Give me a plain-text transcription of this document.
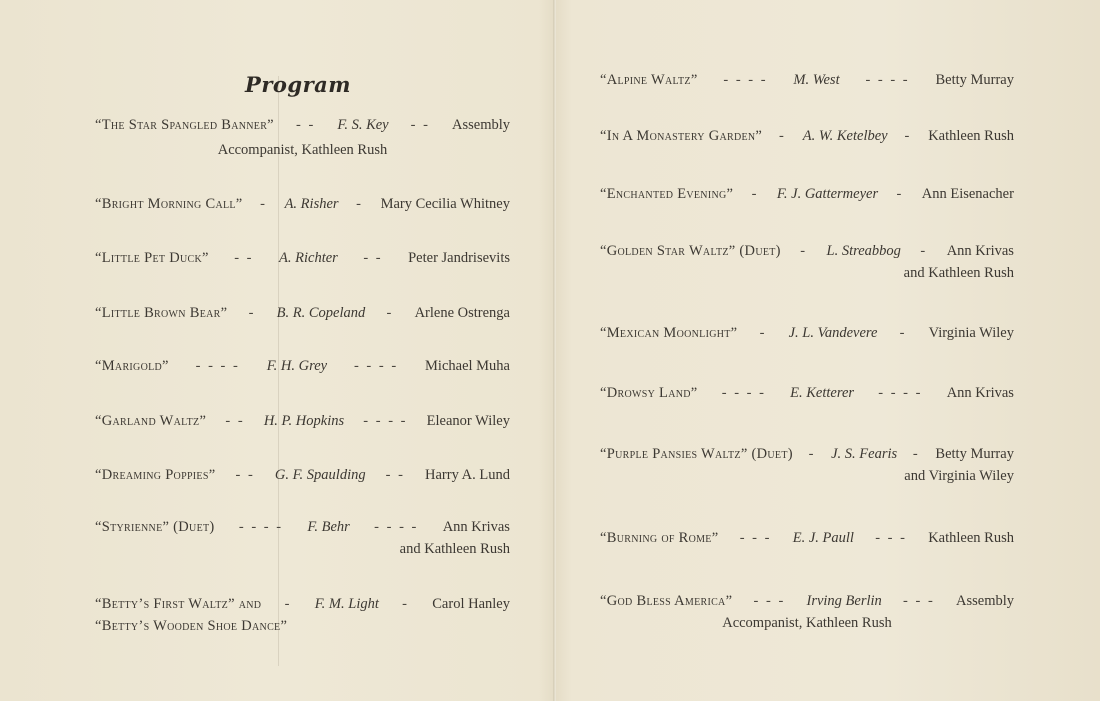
Program
“The Star Spangled Banner” - - F. S. Key - - Assembly
Accompanist, Kathleen Rush
“Bright Morning Call” - A. Risher - Mary Cecilia Whitney
“Little Pet Duck” - - A. Richter - - Peter Jandrisevits
“Little Brown Bear” - B. R. Copeland - Arlene Ostrenga
“Marigold” - - - - F. H. Grey - - - - Michael Muha
“Garland Waltz” - - H. P. Hopkins - - - - Eleanor Wiley
“Dreaming Poppies” - - G. F. Spaulding - - Harry A. Lund
“Styrienne” (Duet) - - - - F. Behr - - - - Ann Krivas
and Kathleen Rush
“Betty’s First Waltz” and - F. M. Light - Carol Hanley
“Betty’s Wooden Shoe Dance”
“Alpine Waltz” - - - - M. West - - - - Betty Murray
“In A Monastery Garden” - A. W. Ketelbey - Kathleen Rush
“Enchanted Evening” - F. J. Gattermeyer - Ann Eisenacher
“Golden Star Waltz” (Duet) - L. Streabbog - Ann Krivas
and Kathleen Rush
“Mexican Moonlight” - J. L. Vandevere - Virginia Wiley
“Drowsy Land” - - - - E. Ketterer - - - - Ann Krivas
“Purple Pansies Waltz” (Duet) - J. S. Fearis - Betty Murray
and Virginia Wiley
“Burning of Rome” - - - E. J. Paull - - - Kathleen Rush
“God Bless America” - - - Irving Berlin - - - Assembly
Accompanist, Kathleen Rush
